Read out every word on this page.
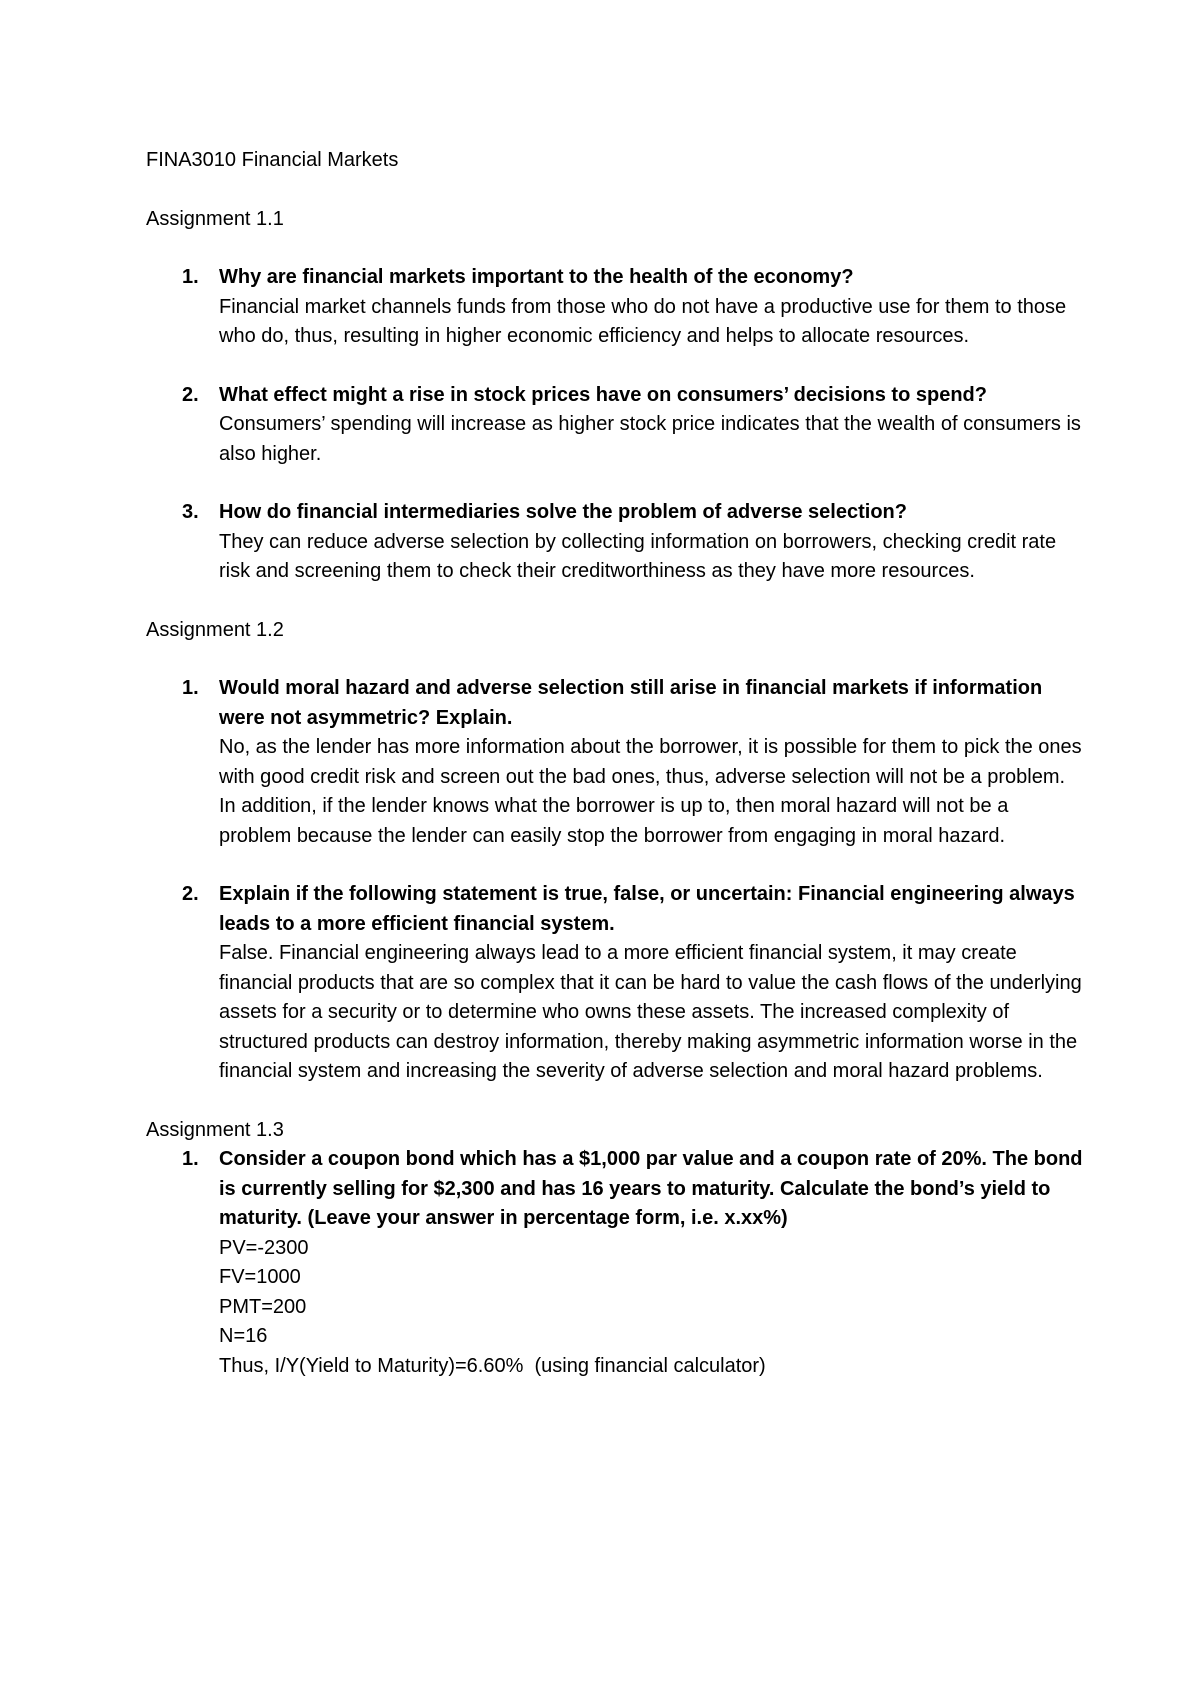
FINA3010 Financial Markets
Assignment 1.1
1. Why are financial markets important to the health of the economy?
Financial market channels funds from those who do not have a productive use for them to those who do, thus, resulting in higher economic efficiency and helps to allocate resources.
2. What effect might a rise in stock prices have on consumers’ decisions to spend?
Consumers’ spending will increase as higher stock price indicates that the wealth of consumers is also higher.
3. How do financial intermediaries solve the problem of adverse selection?
They can reduce adverse selection by collecting information on borrowers, checking credit rate risk and screening them to check their creditworthiness as they have more resources.
Assignment 1.2
1. Would moral hazard and adverse selection still arise in financial markets if information were not asymmetric? Explain.
No, as the lender has more information about the borrower, it is possible for them to pick the ones with good credit risk and screen out the bad ones, thus, adverse selection will not be a problem. In addition, if the lender knows what the borrower is up to, then moral hazard will not be a problem because the lender can easily stop the borrower from engaging in moral hazard.
2. Explain if the following statement is true, false, or uncertain: Financial engineering always leads to a more efficient financial system.
False. Financial engineering always lead to a more efficient financial system, it may create financial products that are so complex that it can be hard to value the cash flows of the underlying assets for a security or to determine who owns these assets. The increased complexity of structured products can destroy information, thereby making asymmetric information worse in the financial system and increasing the severity of adverse selection and moral hazard problems.
Assignment 1.3
1. Consider a coupon bond which has a $1,000 par value and a coupon rate of 20%. The bond is currently selling for $2,300 and has 16 years to maturity. Calculate the bond’s yield to maturity. (Leave your answer in percentage form, i.e. x.xx%)
PV=-2300
FV=1000
PMT=200
N=16
Thus, I/Y(Yield to Maturity)=6.60%  (using financial calculator)
